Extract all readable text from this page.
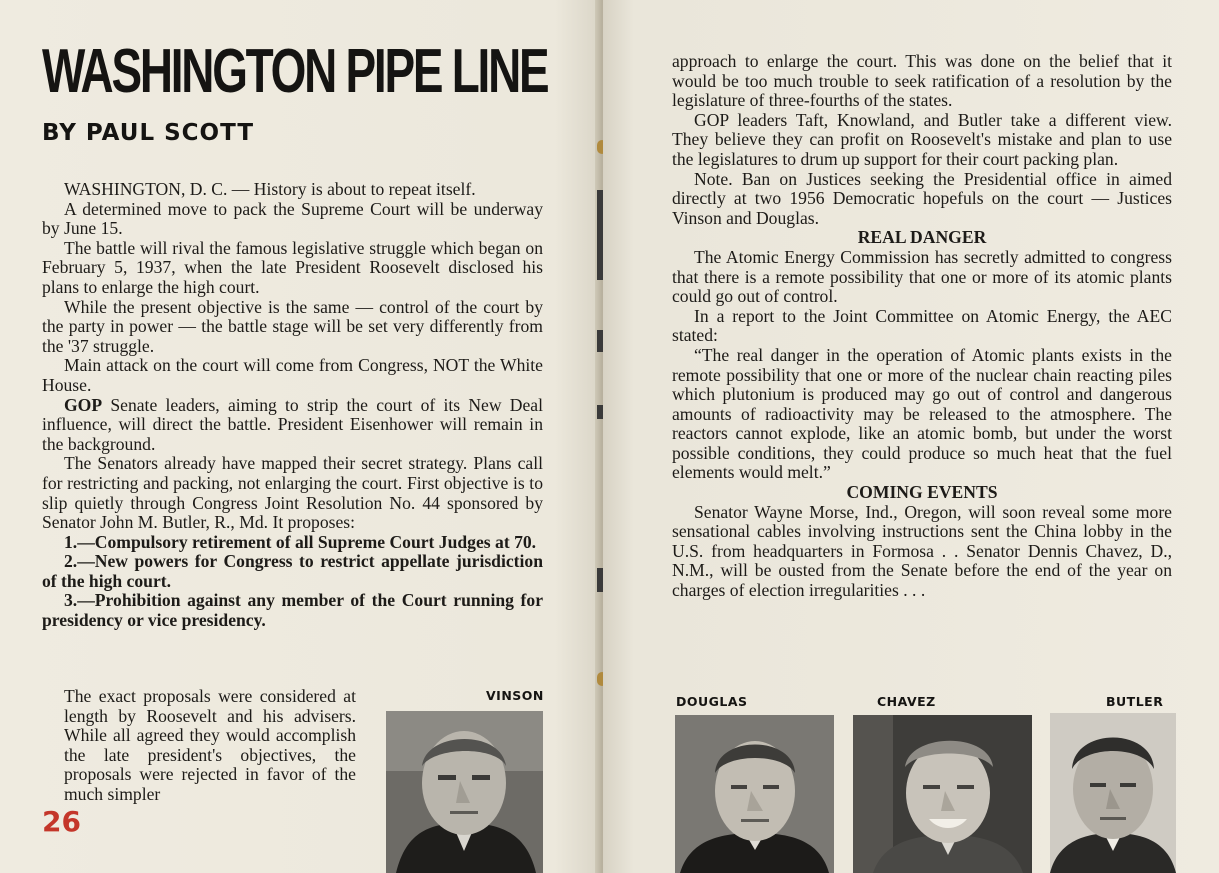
WASHINGTON PIPE LINE
BY PAUL SCOTT

WASHINGTON, D. C. — History is about to repeat itself.

A determined move to pack the Supreme Court will be underway by June 15.

The battle will rival the famous legislative struggle which began on February 5, 1937, when the late President Roosevelt disclosed his plans to enlarge the high court.

While the present objective is the same — control of the court by the party in power — the battle stage will be set very differently from the '37 struggle.

Main attack on the court will come from Congress, NOT the White House.

GOP Senate leaders, aiming to strip the court of its New Deal influence, will direct the battle. President Eisenhower will remain in the background.

The Senators already have mapped their secret strategy. Plans call for restricting and packing, not enlarging the court. First objective is to slip quietly through Congress Joint Resolution No. 44 sponsored by Senator John M. Butler, R., Md. It proposes:

1.—Compulsory retirement of all Supreme Court Judges at 70.

2.—New powers for Congress to restrict appellate jurisdiction of the high court.

3.—Prohibition against any member of the Court running for presidency or vice presidency.

The exact proposals were considered at length by Roosevelt and his advisers. While all agreed they would accomplish the late president's objectives, the proposals were rejected in favor of the much simpler

VINSON
26

approach to enlarge the court. This was done on the belief that it would be too much trouble to seek ratification of a resolution by the legislature of three-fourths of the states.

GOP leaders Taft, Knowland, and Butler take a different view. They believe they can profit on Roosevelt's mistake and plan to use the legislatures to drum up support for their court packing plan.

Note. Ban on Justices seeking the Presidential office in aimed directly at two 1956 Democratic hopefuls on the court — Justices Vinson and Douglas.

REAL DANGER

The Atomic Energy Commission has secretly admitted to congress that there is a remote possibility that one or more of its atomic plants could go out of control.

In a report to the Joint Committee on Atomic Energy, the AEC stated:

“The real danger in the operation of Atomic plants exists in the remote possibility that one or more of the nuclear chain reacting piles which plutonium is produced may go out of control and dangerous amounts of radioactivity may be released to the atmosphere. The reactors cannot explode, like an atomic bomb, but under the worst possible conditions, they could produce so much heat that the fuel elements would melt.”

COMING EVENTS

Senator Wayne Morse, Ind., Oregon, will soon reveal some more sensational cables involving instructions sent the China lobby in the U.S. from headquarters in Formosa . . Senator Dennis Chavez, D., N.M., will be ousted from the Senate before the end of the year on charges of election irregularities . . .

DOUGLAS	CHAVEZ	BUTLER
